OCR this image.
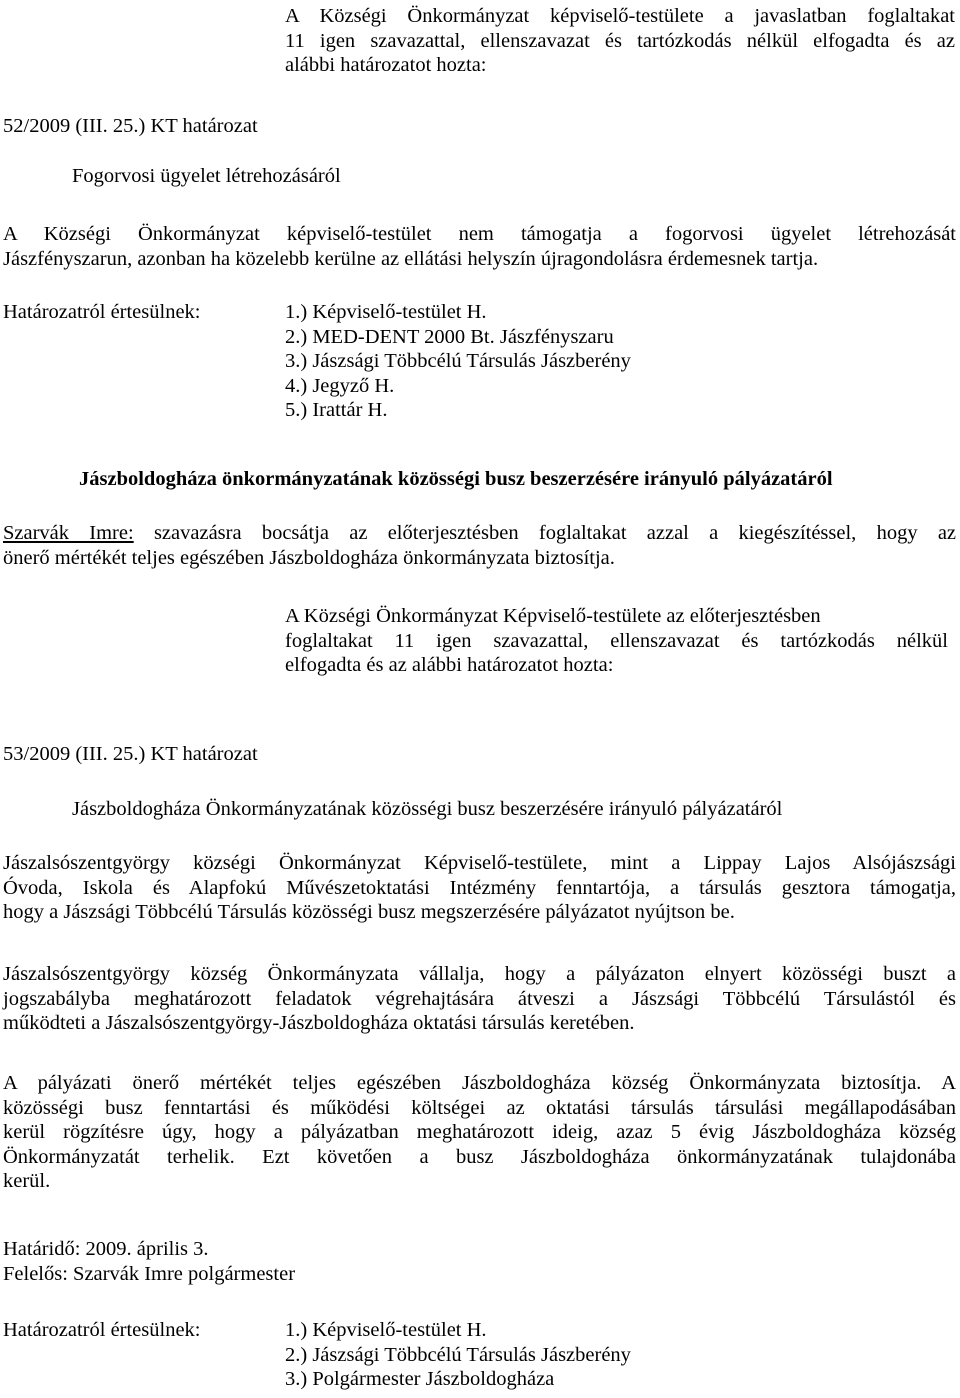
A Községi Önkormányzat képviselő-testülete a javaslatban foglaltakat
11 igen szavazattal, ellenszavazat és tartózkodás nélkül elfogadta és az
alábbi határozatot hozta:
52/2009 (III. 25.) KT határozat
Fogorvosi ügyelet létrehozásáról
A Községi Önkormányzat képviselő-testület nem támogatja a fogorvosi ügyelet létrehozását
Jászfényszarun, azonban ha közelebb kerülne az ellátási helyszín újragondolásra érdemesnek tartja.
Határozatról értesülnek:	1.) Képviselő-testület H.
2.) MED-DENT 2000 Bt. Jászfényszaru
3.) Jászsági Többcélú Társulás Jászberény
4.) Jegyző H.
5.) Irattár H.
Jászboldogháza önkormányzatának közösségi busz beszerzésére irányuló pályázatáról
Szarvák Imre: szavazásra bocsátja az előterjesztésben foglaltakat azzal a kiegészítéssel, hogy az
önerő mértékét teljes egészében Jászboldogháza önkormányzata biztosítja.
A Községi Önkormányzat Képviselő-testülete az előterjesztésben
foglaltakat 11 igen szavazattal, ellenszavazat és tartózkodás nélkül
elfogadta és az alábbi határozatot hozta:
53/2009 (III. 25.) KT határozat
Jászboldogháza Önkormányzatának közösségi busz beszerzésére irányuló pályázatáról
Jászalsószentgyörgy községi Önkormányzat Képviselő-testülete, mint a Lippay Lajos Alsójászsági
Óvoda, Iskola és Alapfokú Művészetoktatási Intézmény fenntartója, a társulás gesztora támogatja,
hogy a Jászsági Többcélú Társulás közösségi busz megszerzésére pályázatot nyújtson be.
Jászalsószentgyörgy község Önkormányzata vállalja, hogy a pályázaton elnyert közösségi buszt a
jogszabályba meghatározott feladatok végrehajtására átveszi a Jászsági Többcélú Társulástól és
működteti a Jászalsószentgyörgy-Jászboldogháza oktatási társulás keretében.
A pályázati önerő mértékét teljes egészében Jászboldogháza község Önkormányzata biztosítja. A
közösségi busz fenntartási és működési költségei az oktatási társulás társulási megállapodásában
kerül rögzítésre úgy, hogy a pályázatban meghatározott ideig, azaz 5 évig Jászboldogháza község
Önkormányzatát terhelik. Ezt követően a busz Jászboldogháza önkormányzatának tulajdonába
kerül.
Határidő: 2009. április 3.
Felelős: Szarvák Imre polgármester
Határozatról értesülnek:	1.) Képviselő-testület H.
2.) Jászsági Többcélú Társulás Jászberény
3.) Polgármester Jászboldogháza
